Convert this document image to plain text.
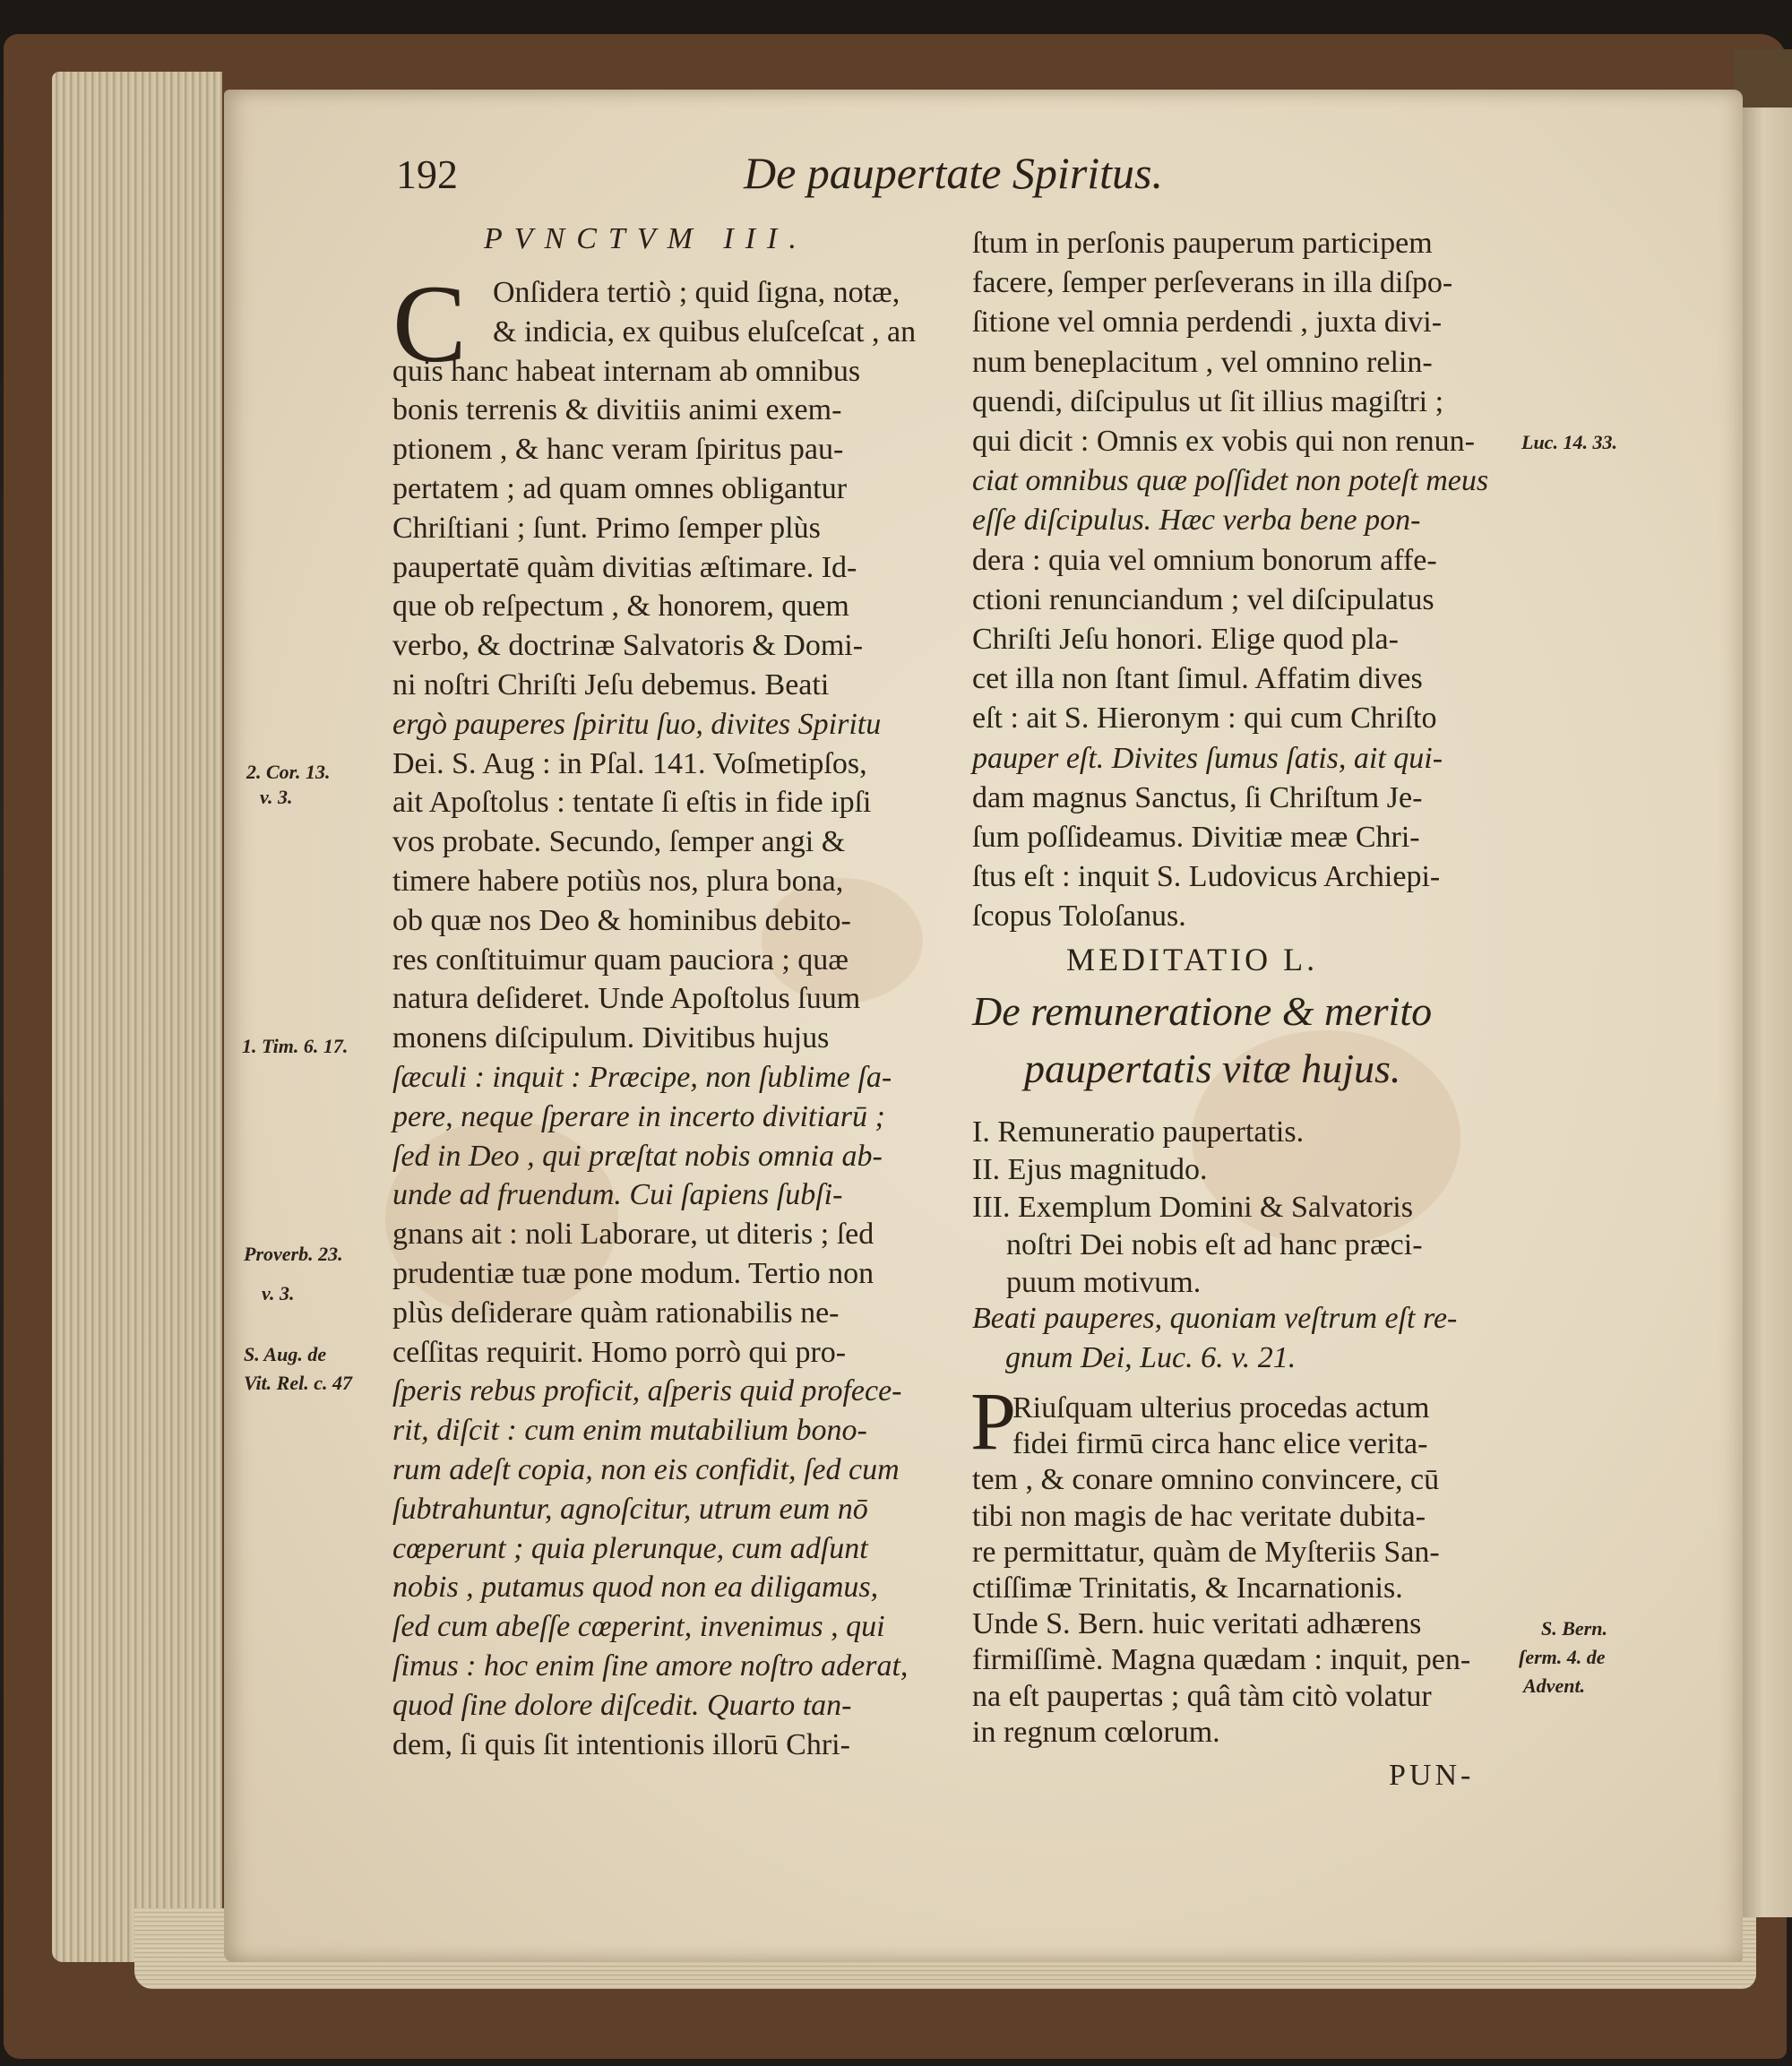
192	De paupertate Spiritus.
PVNCTVM III.
C Onſidera tertiò ; quid ſigna, notæ,
& indicia, ex quibus eluſceſcat , an
quis hanc habeat internam ab omnibus
bonis terrenis & divitiis animi exem-
ptionem , & hanc veram ſpiritus pau-
pertatem ; ad quam omnes obligantur
Chriſtiani ; ſunt. Primo ſemper plùs
paupertatē quàm divitias æſtimare. Id-
que ob reſpectum , & honorem, quem
verbo, & doctrinæ Salvatoris & Domi-
ni noſtri Chriſti Jeſu debemus. Beati
ergò pauperes ſpiritu ſuo, divites Spiritu
Dei. S. Aug : in Pſal. 141. Voſmetipſos,
ait Apoſtolus : tentate ſi eſtis in fide ipſi
vos probate. Secundo, ſemper angi &
timere habere potiùs nos, plura bona,
ob quæ nos Deo & hominibus debito-
res conſtituimur quam pauciora ; quæ
natura deſideret. Unde Apoſtolus ſuum
monens diſcipulum. Divitibus hujus
ſæculi : inquit : Præcipe, non ſublime ſa-
pere, neque ſperare in incerto divitiarū ;
ſed in Deo , qui præſtat nobis omnia ab-
unde ad fruendum. Cui ſapiens ſubſi-
gnans ait : noli Laborare, ut diteris ; ſed
prudentiæ tuæ pone modum. Tertio non
plùs deſiderare quàm rationabilis ne-
ceſſitas requirit. Homo porrò qui pro-
ſperis rebus proficit, aſperis quid profece-
rit, diſcit : cum enim mutabilium bono-
rum adeſt copia, non eis confidit, ſed cum
ſubtrahuntur, agnoſcitur, utrum eum nō
cœperunt ; quia plerunque, cum adſunt
nobis , putamus quod non ea diligamus,
ſed cum abeſſe cœperint, invenimus , qui
ſimus : hoc enim ſine amore noſtro aderat,
quod ſine dolore diſcedit. Quarto tan-
dem, ſi quis ſit intentionis illorū Chri-
2. Cor. 13.
v. 3.
1. Tim. 6. 17.
Proverb. 23.
v. 3.
S. Aug. de
Vit. Rel. c. 47
ſtum in perſonis pauperum participem
facere, ſemper perſeverans in illa diſpo-
ſitione vel omnia perdendi , juxta divi-
num beneplacitum , vel omnino relin-
quendi, diſcipulus ut ſit illius magiſtri ;
qui dicit : Omnis ex vobis qui non renun-
ciat omnibus quæ poſſidet non poteſt meus
eſſe diſcipulus. Hæc verba bene pon-
dera : quia vel omnium bonorum affe-
ctioni renunciandum ; vel diſcipulatus
Chriſti Jeſu honori. Elige quod pla-
cet illa non ſtant ſimul. Affatim dives
eſt : ait S. Hieronym : qui cum Chriſto
pauper eſt. Divites ſumus ſatis, ait qui-
dam magnus Sanctus, ſi Chriſtum Je-
ſum poſſideamus. Divitiæ meæ Chri-
ſtus eſt : inquit S. Ludovicus Archiepi-
ſcopus Toloſanus.
MEDITATIO L.
De remuneratione & merito
paupertatis vitæ hujus.
I. Remuneratio paupertatis.
II. Ejus magnitudo.
III. Exemplum Domini & Salvatoris
noſtri Dei nobis eſt ad hanc præci-
puum motivum.
Beati pauperes, quoniam veſtrum eſt re-
gnum Dei, Luc. 6. v. 21.
P
Riuſquam ulterius procedas actum
fidei firmū circa hanc elice verita-
tem , & conare omnino convincere, cū
tibi non magis de hac veritate dubita-
re permittatur, quàm de Myſteriis San-
ctiſſimæ Trinitatis, & Incarnationis.
Unde S. Bern. huic veritati adhærens
firmiſſimè. Magna quædam : inquit, pen-
na eſt paupertas ; quâ tàm citò volatur
in regnum cœlorum.
PUN-
Luc. 14. 33.
S. Bern.
ſerm. 4. de
Advent.
